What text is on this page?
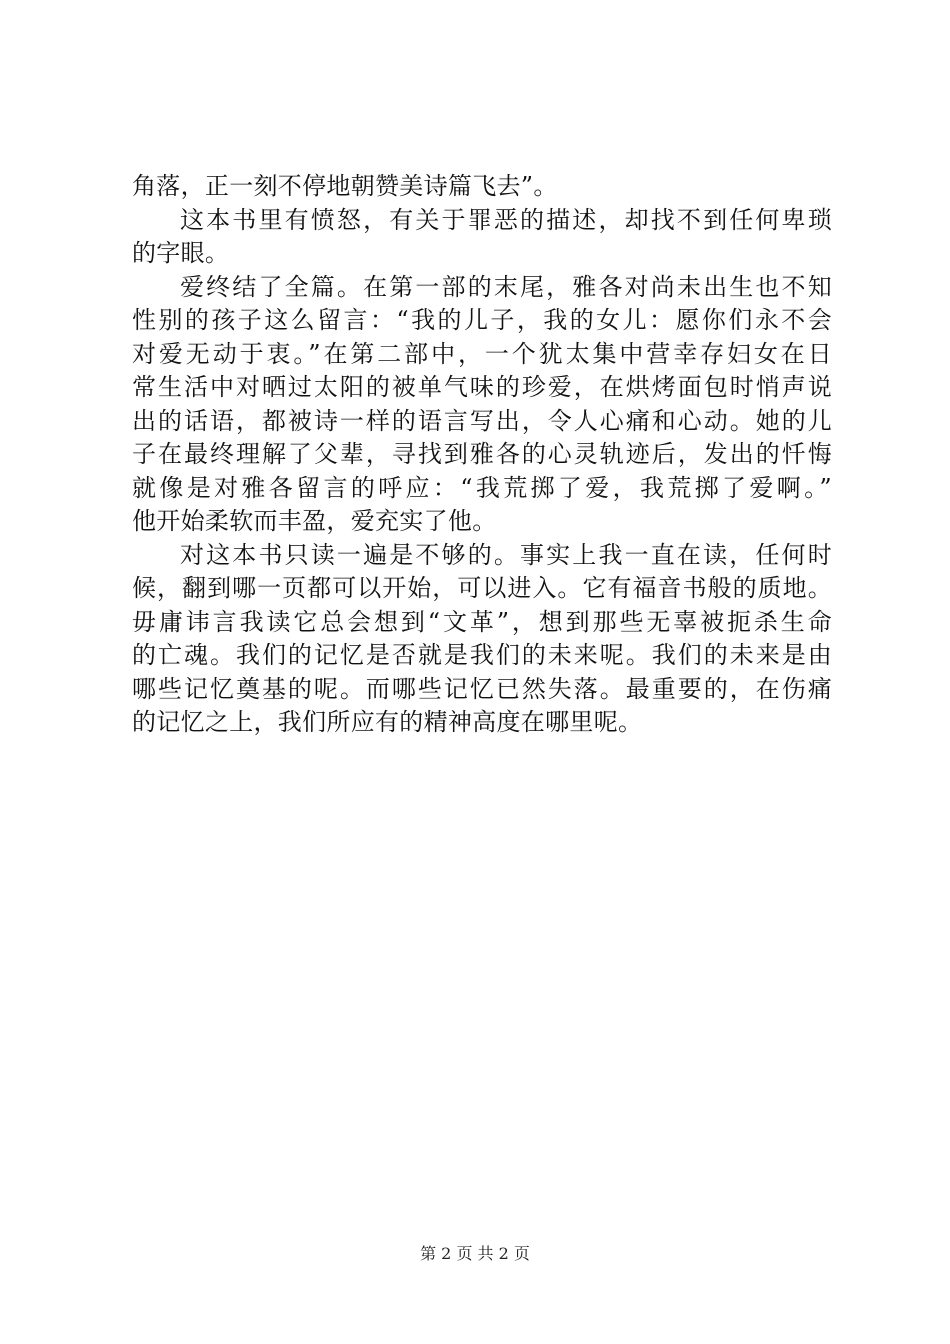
角落，正一刻不停地朝赞美诗篇飞去”。
这本书里有愤怒，有关于罪恶的描述，却找不到任何卑琐
的字眼。
爱终结了全篇。在第一部的末尾，雅各对尚未出生也不知
性别的孩子这么留言：“我的儿子，我的女儿：愿你们永不会
对爱无动于衷。”在第二部中，一个犹太集中营幸存妇女在日
常生活中对晒过太阳的被单气味的珍爱，在烘烤面包时悄声说
出的话语，都被诗一样的语言写出，令人心痛和心动。她的儿
子在最终理解了父辈，寻找到雅各的心灵轨迹后，发出的忏悔
就像是对雅各留言的呼应：“我荒掷了爱，我荒掷了爱啊。”
他开始柔软而丰盈，爱充实了他。
对这本书只读一遍是不够的。事实上我一直在读，任何时
候，翻到哪一页都可以开始，可以进入。它有福音书般的质地。
毋庸讳言我读它总会想到“文革”，想到那些无辜被扼杀生命
的亡魂。我们的记忆是否就是我们的未来呢。我们的未来是由
哪些记忆奠基的呢。而哪些记忆已然失落。最重要的，在伤痛
的记忆之上，我们所应有的精神高度在哪里呢。
第 2 页 共 2 页
